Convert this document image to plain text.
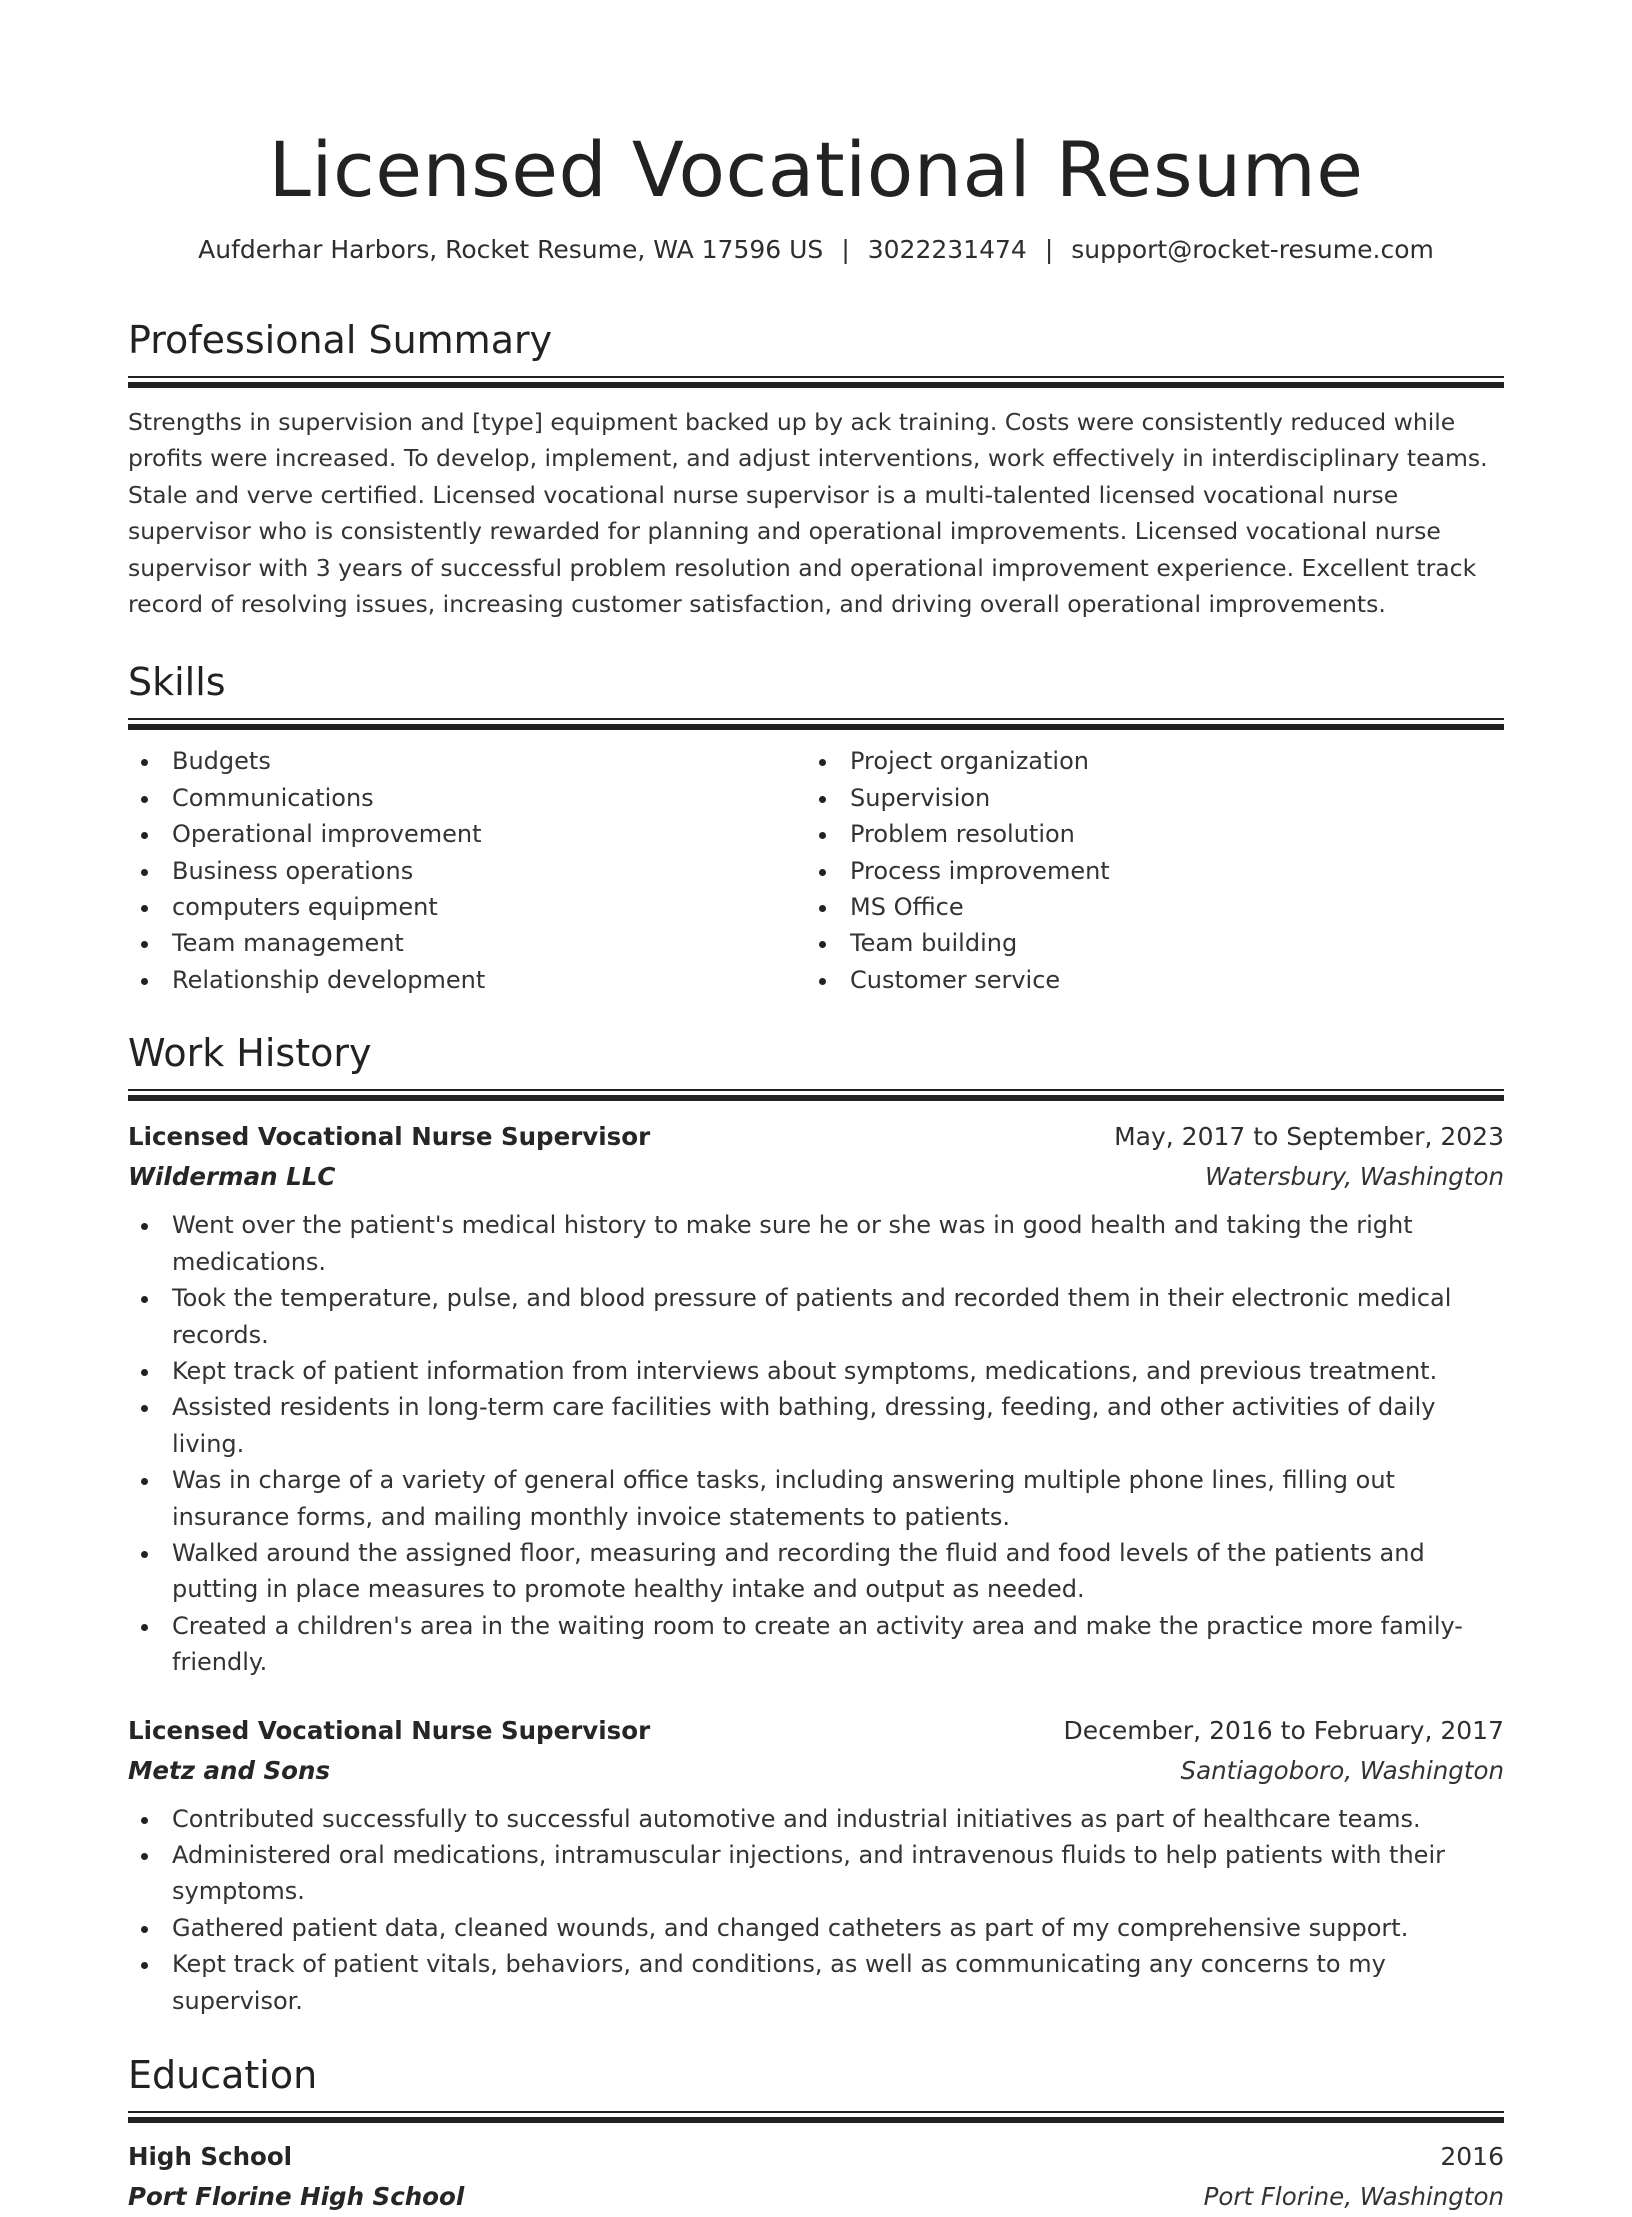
Licensed Vocational Resume
Aufderhar Harbors, Rocket Resume, WA 17596 US | 3022231474 | support@rocket-resume.com
Professional Summary
Strengths in supervision and [type] equipment backed up by ack training. Costs were consistently reduced while profits were increased. To develop, implement, and adjust interventions, work effectively in interdisciplinary teams. Stale and verve certified. Licensed vocational nurse supervisor is a multi-talented licensed vocational nurse supervisor who is consistently rewarded for planning and operational improvements. Licensed vocational nurse supervisor with 3 years of successful problem resolution and operational improvement experience. Excellent track record of resolving issues, increasing customer satisfaction, and driving overall operational improvements.
Skills
Budgets
Communications
Operational improvement
Business operations
computers equipment
Team management
Relationship development
Project organization
Supervision
Problem resolution
Process improvement
MS Office
Team building
Customer service
Work History
Licensed Vocational Nurse Supervisor	May, 2017 to September, 2023
Wilderman LLC	Watersbury, Washington
Went over the patient's medical history to make sure he or she was in good health and taking the right medications.
Took the temperature, pulse, and blood pressure of patients and recorded them in their electronic medical records.
Kept track of patient information from interviews about symptoms, medications, and previous treatment.
Assisted residents in long-term care facilities with bathing, dressing, feeding, and other activities of daily living.
Was in charge of a variety of general office tasks, including answering multiple phone lines, filling out insurance forms, and mailing monthly invoice statements to patients.
Walked around the assigned floor, measuring and recording the fluid and food levels of the patients and putting in place measures to promote healthy intake and output as needed.
Created a children's area in the waiting room to create an activity area and make the practice more family-friendly.
Licensed Vocational Nurse Supervisor	December, 2016 to February, 2017
Metz and Sons	Santiagoboro, Washington
Contributed successfully to successful automotive and industrial initiatives as part of healthcare teams.
Administered oral medications, intramuscular injections, and intravenous fluids to help patients with their symptoms.
Gathered patient data, cleaned wounds, and changed catheters as part of my comprehensive support.
Kept track of patient vitals, behaviors, and conditions, as well as communicating any concerns to my supervisor.
Education
High School	2016
Port Florine High School	Port Florine, Washington
